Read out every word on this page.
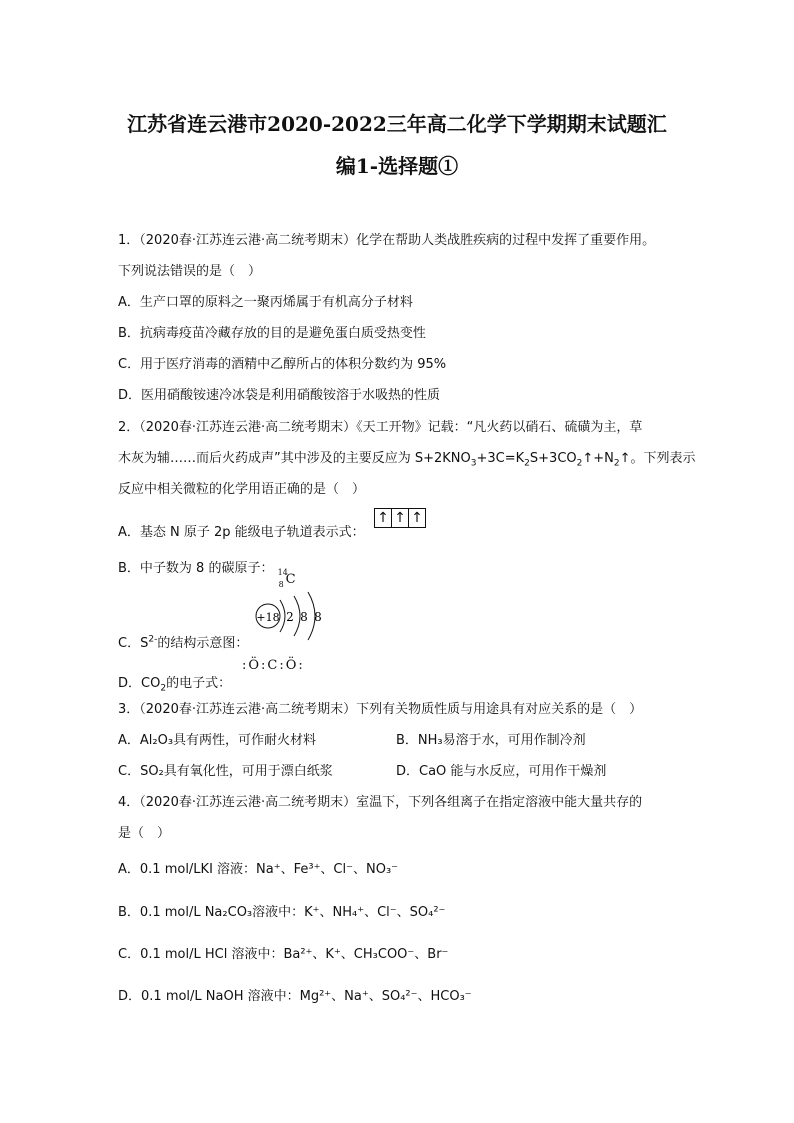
江苏省连云港市2020-2022三年高二化学下学期期末试题汇
编1-选择题①
1．（2020春·江苏连云港·高二统考期末）化学在帮助人类战胜疾病的过程中发挥了重要作用。
下列说法错误的是（　）
A．生产口罩的原料之一聚丙烯属于有机高分子材料
B．抗病毒疫苗冷藏存放的目的是避免蛋白质受热变性
C．用于医疗消毒的酒精中乙醇所占的体积分数约为 95%
D．医用硝酸铵速冷冰袋是利用硝酸铵溶于水吸热的性质
2．（2020春·江苏连云港·高二统考期末）《天工开物》记载：“凡火药以硝石、硫磺为主，草
木灰为辅……而后火药成声”其中涉及的主要反应为 $S+2KNO_3+3C=K_2S+3CO_2↑+N_2↑$。下列表示
反应中相关微粒的化学用语正确的是（　）
A．基态 N 原子 2p 能级电子轨道表示式：
↑ ↑ ↑
B．中子数为 8 的碳原子： 14
8 C
C．$S^{2-}$的结构示意图：
+18 2 8 8
D．$CO_2$的电子式：
:Ö:C:Ö:
3．（2020春·江苏连云港·高二统考期末）下列有关物质性质与用途具有对应关系的是（　）
A．Al₂O₃具有两性，可作耐火材料	B．NH₃易溶于水，可用作制冷剂
C．SO₂具有氧化性，可用于漂白纸浆	D．CaO 能与水反应，可用作干燥剂
4．（2020春·江苏连云港·高二统考期末）室温下，下列各组离子在指定溶液中能大量共存的
是（　）
A．0.1 mol/LKI 溶液：Na⁺、Fe³⁺、Cl⁻、NO₃⁻
B．0.1 mol/L Na₂CO₃溶液中：K⁺、NH₄⁺、Cl⁻、SO₄²⁻
C．0.1 mol/L HCl 溶液中：Ba²⁺、K⁺、CH₃COO⁻、Br⁻
D．0.1 mol/L NaOH 溶液中：Mg²⁺、Na⁺、SO₄²⁻、HCO₃⁻
